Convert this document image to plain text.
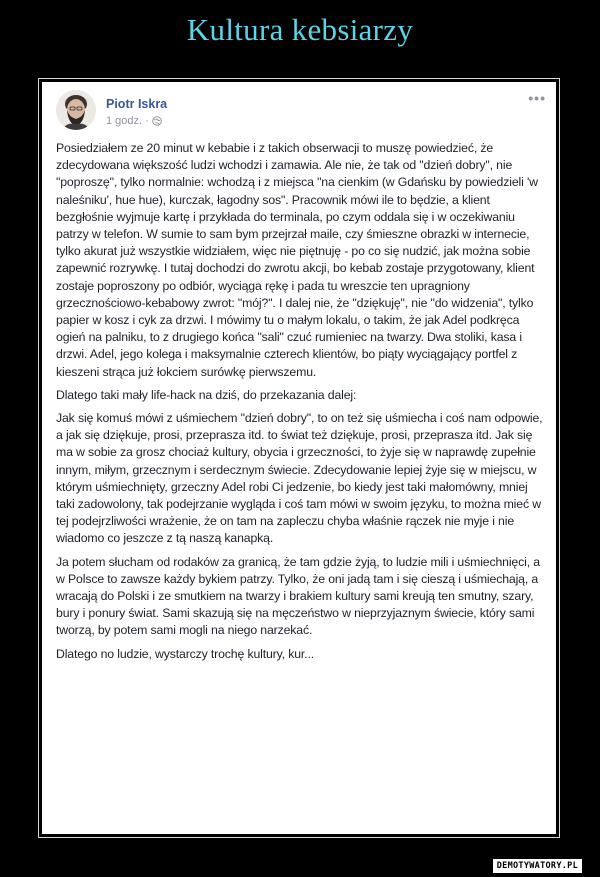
Kultura kebsiarzy
Piotr Iskra
1 godz. ·
•••

Posiedziałem ze 20 minut w kebabie i z takich obserwacji to muszę powiedzieć, że zdecydowana większość ludzi wchodzi i zamawia. Ale nie, że tak od "dzień dobry", nie "poproszę", tylko normalnie: wchodzą i z miejsca "na cienkim (w Gdańsku by powiedzieli 'w naleśniku', hue hue), kurczak, łagodny sos". Pracownik mówi ile to będzie, a klient bezgłośnie wyjmuje kartę i przykłada do terminala, po czym oddala się i w oczekiwaniu patrzy w telefon. W sumie to sam bym przejrzał maile, czy śmieszne obrazki w internecie, tylko akurat już wszystkie widziałem, więc nie piętnuję - po co się nudzić, jak można sobie zapewnić rozrywkę. I tutaj dochodzi do zwrotu akcji, bo kebab zostaje przygotowany, klient zostaje poproszony po odbiór, wyciąga rękę i pada tu wreszcie ten upragniony grzecznościowo-kebabowy zwrot: "mój?". I dalej nie, że "dziękuję", nie "do widzenia", tylko papier w kosz i cyk za drzwi. I mówimy tu o małym lokalu, o takim, że jak Adel podkręca ogień na palniku, to z drugiego końca "sali" czuć rumieniec na twarzy. Dwa stoliki, kasa i drzwi. Adel, jego kolega i maksymalnie czterech klientów, bo piąty wyciągający portfel z kieszeni strąca już łokciem surówkę pierwszemu.

Dlatego taki mały life-hack na dziś, do przekazania dalej:

Jak się komuś mówi z uśmiechem "dzień dobry", to on też się uśmiecha i coś nam odpowie, a jak się dziękuje, prosi, przeprasza itd. to świat też dziękuje, prosi, przeprasza itd. Jak się ma w sobie za grosz chociaż kultury, obycia i grzeczności, to żyje się w naprawdę zupełnie innym, miłym, grzecznym i serdecznym świecie. Zdecydowanie lepiej żyje się w miejscu, w którym uśmiechnięty, grzeczny Adel robi Ci jedzenie, bo kiedy jest taki małomówny, mniej taki zadowolony, tak podejrzanie wygląda i coś tam mówi w swoim języku, to można mieć w tej podejrzliwości wrażenie, że on tam na zapleczu chyba właśnie rączek nie myje i nie wiadomo co jeszcze z tą naszą kanapką.

Ja potem słucham od rodaków za granicą, że tam gdzie żyją, to ludzie mili i uśmiechnięci, a w Polsce to zawsze każdy bykiem patrzy. Tylko, że oni jadą tam i się cieszą i uśmiechają, a wracają do Polski i ze smutkiem na twarzy i brakiem kultury sami kreują ten smutny, szary, bury i ponury świat. Sami skazują się na męczeństwo w nieprzyjaznym świecie, który sami tworzą, by potem sami mogli na niego narzekać.

Dlatego no ludzie, wystarczy trochę kultury, kur...

DEMOTYWATORY.PL
